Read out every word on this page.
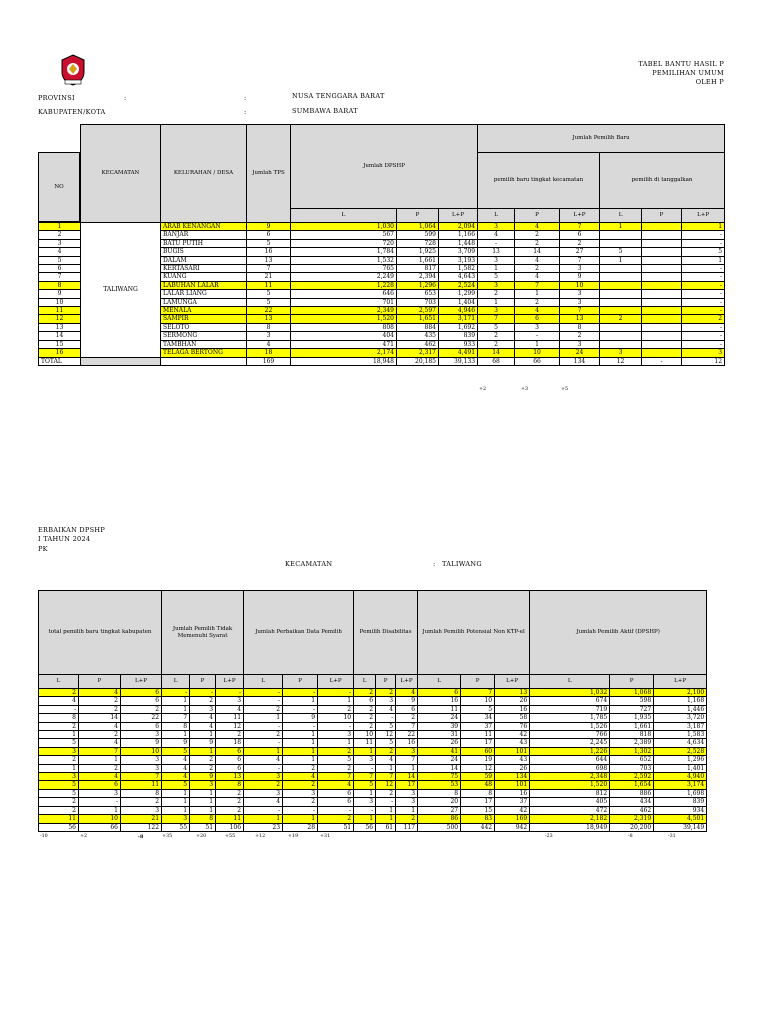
TABEL BANTU HASIL P
PEMILIHAN UMUM
OLEH P
PROVINSI	:	:	NUSA TENGGARA BARAT
KABUPATEN/KOTA	:	SUMBAWA BARAT
	KECAMATAN	KELURAHAN / DESA	Jumlah TPS	Jumlah DPSHP			Jumlah Pemilih Baru					
							pemilih baru tingkat kecamatan			pemilih di tanggalkan		
				L	P	L+P	L	P	L+P	L	P	L+P
1	TALIWANG	ARAB KENANGAN	9	1,030	1,064	2,094	3	4	7	1		1
2		BANJAR	6	567	599	1,166	4	2	6			-
3		BATU PUTIH	5	720	728	1,448	-	2	2			-
4		BUGIS	16	1,784	1,925	3,709	13	14	27	5		5
5		DALAM	13	1,532	1,661	3,193	3	4	7	1		1
6		KERTASARI	7	765	817	1,582	1	2	3			-
7		KUANG	21	2,249	2,394	4,643	5	4	9			-
8		LABUHAN LALAR	11	1,228	1,296	2,524	3	7	10			-
9		LALAR LIANG	5	646	653	1,299	2	1	3			-
10		LAMUNGA	5	701	703	1,404	1	2	3			-
11		MENALA	22	2,349	2,597	4,946	3	4	7			-
12		SAMPIR	13	1,520	1,651	3,171	7	6	13	2		2
13		SELOTO	8	808	884	1,692	5	3	8			-
14		SERMONG	3	404	435	839	2	-	2			-
15		TAMBHAN	4	471	462	933	2	1	3			-
16		TELAGA BERTONG	18	2,174	2,317	4,491	14	10	24	3		3
TOTAL			169	18,948	20,185	39,133	68	66	134	12	-	12
NO
+2	+3	+5
ERBAIKAN DPSHP
I TAHUN 2024
PK
KECAMATAN	: TALIWANG
total pemilih baru tingkat kabupaten			Jumlah Pemilih Tidak Memenuhi Syarat			Jumlah Perbaikan Data Pemilih			Pemilih Disabilitas			Jumlah Pemilih Potensial Non KTP-el			Jumlah Pemilih Aktif (DPSHP)		

L	P	L+P	L	P	L+P	L	P	L+P	L	P	L+P	L	P	L+P	L	P	L+P
2	4	6	-	-	-	-	-	-	2	2	4	6	7	13	1,032	1,068	2,100
4	2	6	1	2	3	-	1	1	6	3	9	16	10	26	674	598	1,168
-	2	2	1	3	4	2	-	2	2	4	6	11	5	16	719	727	1,446
8	14	22	7	4	11	1	9	10	2	-	2	24	34	58	1,785	1,935	3,720
2	4	6	8	4	12	-	-	-	2	5	7	39	37	76	1,526	1,661	3,187
1	2	3	1	1	2	2	1	3	10	12	22	31	11	42	766	818	1,583
5	4	9	9	9	18	-	1	1	11	5	16	26	17	43	2,245	2,389	4,634
3	7	10	5	1	6	1	1	2	1	2	3	41	60	101	1,226	1,302	2,528
2	1	3	4	2	6	4	1	5	3	4	7	24	19	43	644	652	1,296
1	2	3	4	2	6	-	2	2	-	1	1	14	12	26	698	703	1,401
3	4	7	4	9	13	3	4	7	7	7	14	75	59	134	2,348	2,592	4,940
5	6	11	5	3	8	2	2	4	5	12	17	53	48	101	1,520	1,654	3,174
5	3	8	1	1	2	3	3	6	1	2	3	8	8	16	812	886	1,698
2	-	2	1	1	2	4	2	6	3	-	3	20	17	37	405	434	839
2	1	3	1	1	2	-	-	-	-	1	1	27	15	42	472	462	934
11	10	21	3	8	11	1	1	2	1	1	2	86	83	169	2,182	2,319	4,501
56	66	122	55	51	106	23	28	51	56	61	117	500	442	942	18,949	20,200	39,149
-10	+2	-8	+35	+20	+55	+12	+19	+31	-23	-8	-31
